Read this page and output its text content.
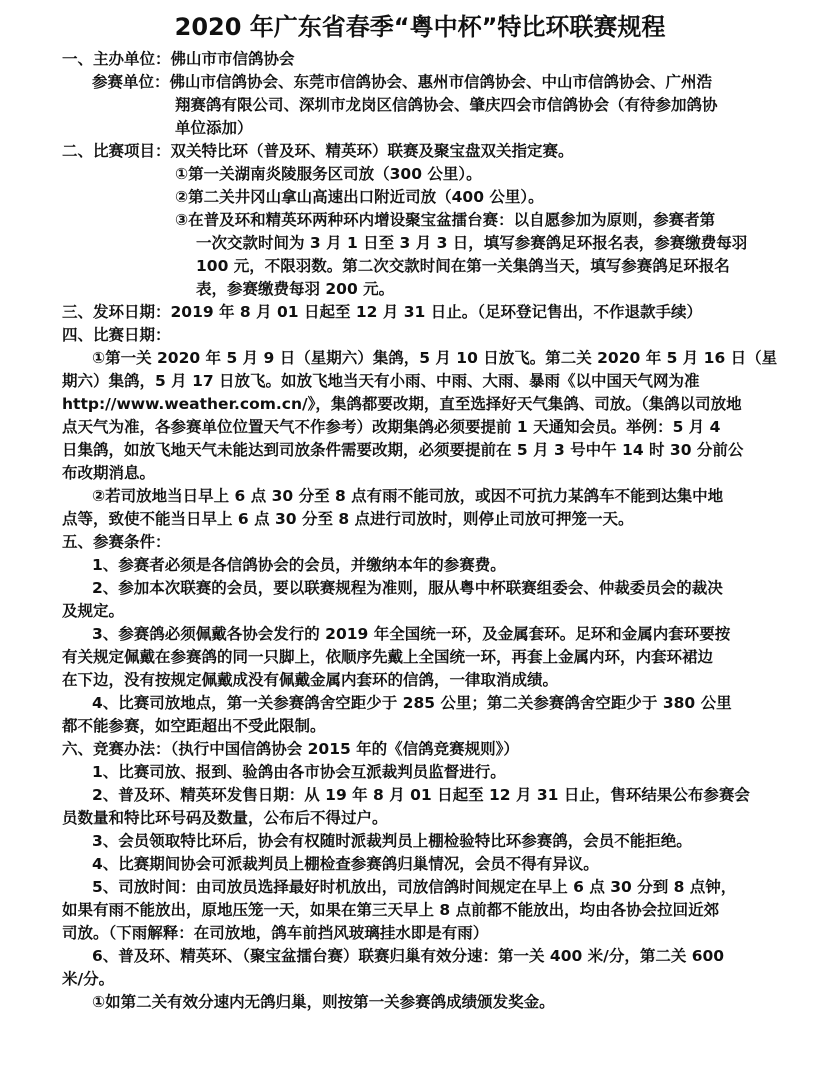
2020 年广东省春季“粤中杯”特比环联赛规程
一、主办单位：佛山市市信鸽协会
参赛单位：佛山市信鸽协会、东莞市信鸽协会、惠州市信鸽协会、中山市信鸽协会、广州浩
翔赛鸽有限公司、深圳市龙岗区信鸽协会、肇庆四会市信鸽协会（有待参加鸽协
单位添加）
二、比赛项目：双关特比环（普及环、精英环）联赛及聚宝盘双关指定赛。
①第一关湖南炎陵服务区司放（300 公里）。
②第二关井冈山拿山高速出口附近司放（400 公里）。
③在普及环和精英环两种环内增设聚宝盆擂台赛：以自愿参加为原则，参赛者第
一次交款时间为 3 月 1 日至 3 月 3 日，填写参赛鸽足环报名表，参赛缴费每羽
100 元，不限羽数。第二次交款时间在第一关集鸽当天，填写参赛鸽足环报名
表，参赛缴费每羽 200 元。
三、发环日期：2019 年 8 月 01 日起至 12 月 31 日止。（足环登记售出，不作退款手续）
四、比赛日期：
①第一关 2020 年 5 月 9 日（星期六）集鸽，5 月 10 日放飞。第二关 2020 年 5 月 16 日（星
期六）集鸽，5 月 17 日放飞。如放飞地当天有小雨、中雨、大雨、暴雨《以中国天气网为准
http://www.weather.com.cn/》，集鸽都要改期，直至选择好天气集鸽、司放。（集鸽以司放地
点天气为准，各参赛单位位置天气不作参考）改期集鸽必须要提前 1 天通知会员。举例：5 月 4
日集鸽，如放飞地天气未能达到司放条件需要改期，必须要提前在 5 月 3 号中午 14 时 30 分前公
布改期消息。
②若司放地当日早上 6 点 30 分至 8 点有雨不能司放，或因不可抗力某鸽车不能到达集中地
点等，致使不能当日早上 6 点 30 分至 8 点进行司放时，则停止司放可押笼一天。
五、参赛条件：
1、参赛者必须是各信鸽协会的会员，并缴纳本年的参赛费。
2、参加本次联赛的会员，要以联赛规程为准则，服从粤中杯联赛组委会、仲裁委员会的裁决
及规定。
3、参赛鸽必须佩戴各协会发行的 2019 年全国统一环，及金属套环。足环和金属内套环要按
有关规定佩戴在参赛鸽的同一只脚上，依顺序先戴上全国统一环，再套上金属内环，内套环裙边
在下边，没有按规定佩戴成没有佩戴金属内套环的信鸽，一律取消成绩。
4、比赛司放地点，第一关参赛鸽舍空距少于 285 公里；第二关参赛鸽舍空距少于 380 公里
都不能参赛，如空距超出不受此限制。
六、竞赛办法：（执行中国信鸽协会 2015 年的《信鸽竞赛规则》）
1、比赛司放、报到、验鸽由各市协会互派裁判员监督进行。
2、普及环、精英环发售日期：从 19 年 8 月 01 日起至 12 月 31 日止，售环结果公布参赛会
员数量和特比环号码及数量，公布后不得过户。
3、会员领取特比环后，协会有权随时派裁判员上棚检验特比环参赛鸽，会员不能拒绝。
4、比赛期间协会可派裁判员上棚检查参赛鸽归巢情况，会员不得有异议。
5、司放时间：由司放员选择最好时机放出，司放信鸽时间规定在早上 6 点 30 分到 8 点钟，
如果有雨不能放出，原地压笼一天，如果在第三天早上 8 点前都不能放出，均由各协会拉回近郊
司放。（下雨解释：在司放地，鸽车前挡风玻璃挂水即是有雨）
6、普及环、精英环、（聚宝盆擂台赛）联赛归巢有效分速：第一关 400 米/分，第二关 600
米/分。
①如第二关有效分速内无鸽归巢，则按第一关参赛鸽成绩颁发奖金。
